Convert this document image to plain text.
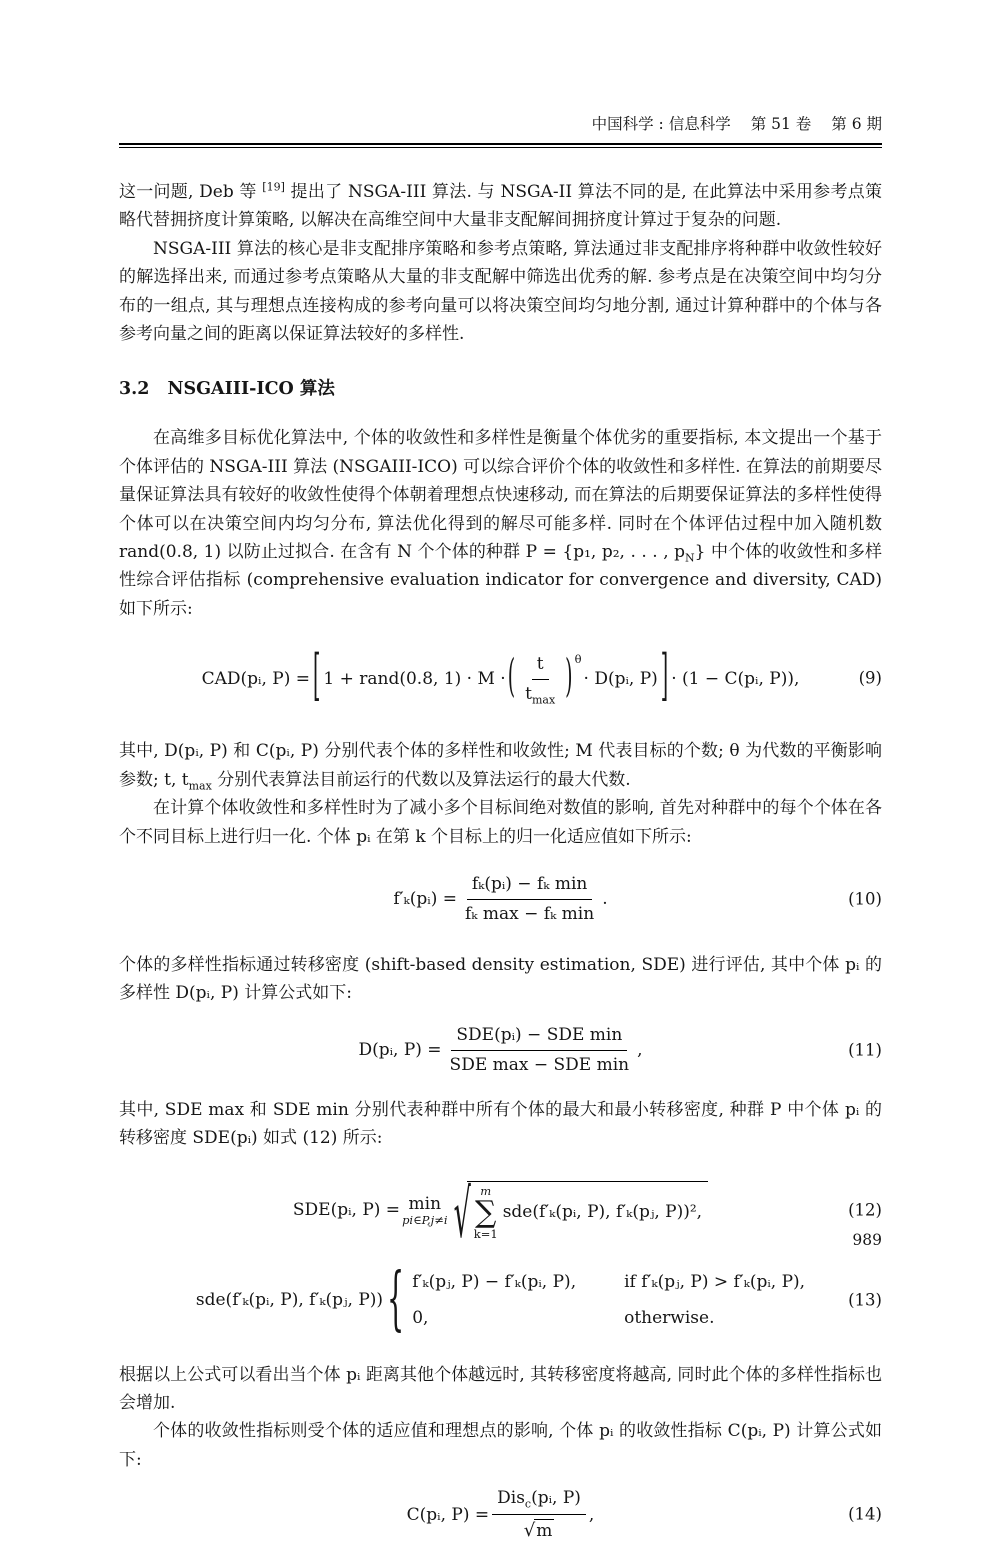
中国科学 : 信息科学 第 51 卷 第 6 期

这一问题, Deb 等 [19] 提出了 NSGA-III 算法. 与 NSGA-II 算法不同的是, 在此算法中采用参考点策略代替拥挤度计算策略, 以解决在高维空间中大量非支配解间拥挤度计算过于复杂的问题.

NSGA-III 算法的核心是非支配排序策略和参考点策略, 算法通过非支配排序将种群中收敛性较好的解选择出来, 而通过参考点策略从大量的非支配解中筛选出优秀的解. 参考点是在决策空间中均匀分布的一组点, 其与理想点连接构成的参考向量可以将决策空间均匀地分割, 通过计算种群中的个体与各参考向量之间的距离以保证算法较好的多样性.

3.2 NSGAIII-ICO 算法

在高维多目标优化算法中, 个体的收敛性和多样性是衡量个体优劣的重要指标, 本文提出一个基于个体评估的 NSGA-III 算法 (NSGAIII-ICO) 可以综合评价个体的收敛性和多样性. 在算法的前期要尽量保证算法具有较好的收敛性使得个体朝着理想点快速移动, 而在算法的后期要保证算法的多样性使得个体可以在决策空间内均匀分布, 算法优化得到的解尽可能多样. 同时在个体评估过程中加入随机数 rand(0.8, 1) 以防止过拟合. 在含有 N 个个体的种群 P = {p₁, p₂, . . . , $p_N$} 中个体的收敛性和多样性综合评估指标 (comprehensive evaluation indicator for convergence and diversity, CAD) 如下所示:

CAD(pᵢ, P) = [ 1 + rand(0.8, 1) · M · ( $\frac{t}{t_{max}}$ ) θ
· D(pᵢ, P) ] · (1 − C(pᵢ, P)),	(9)

其中, D(pᵢ, P) 和 C(pᵢ, P) 分别代表个体的多样性和收敛性; M 代表目标的个数; θ 为代数的平衡影响参数; t, $t_{max}$ 分别代表算法目前运行的代数以及算法运行的最大代数.

在计算个体收敛性和多样性时为了减小多个目标间绝对数值的影响, 首先对种群中的每个个体在各个不同目标上进行归一化. 个体 pᵢ 在第 k 个目标上的归一化适应值如下所示:

f′ₖ(pᵢ) = $\frac{\text{fₖ(pᵢ) − fₖ min}}{\text{fₖ max − fₖ min}}$ .	(10)

个体的多样性指标通过转移密度 (shift-based density estimation, SDE) 进行评估, 其中个体 pᵢ 的多样性 D(pᵢ, P) 计算公式如下:

D(pᵢ, $P) = \frac{\text{SDE(pᵢ) − SDE min}}{\text{SDE max − SDE min}}$ ,	(11)

其中, SDE max 和 SDE min 分别代表种群中所有个体的最大和最小转移密度, 种群 P 中个体 pᵢ 的转移密度 SDE(pᵢ) 如式 (12) 所示:

SDE(pᵢ, P) = min
pi∈P,j≠i √ m
∑
k=1
sde(f′ₖ(pᵢ, P), f′ₖ(pⱼ, P))²,	(12)
sde(f′ₖ(pᵢ, P), f′ₖ(pⱼ, P)) { f′ₖ(pⱼ, P) − f′ₖ(pᵢ, P),	if f′ₖ(pⱼ, P) > f′ₖ(pᵢ, P),
0,	otherwise.
(13)

根据以上公式可以看出当个体 pᵢ 距离其他个体越远时, 其转移密度将越高, 同时此个体的多样性指标也会增加.

个体的收敛性指标则受个体的适应值和理想点的影响, 个体 pᵢ 的收敛性指标 C(pᵢ, P) 计算公式如下:

C(pᵢ, $P) = \frac{Dis_c(pᵢ, P)}{√ m}$ ,	(14)
989
